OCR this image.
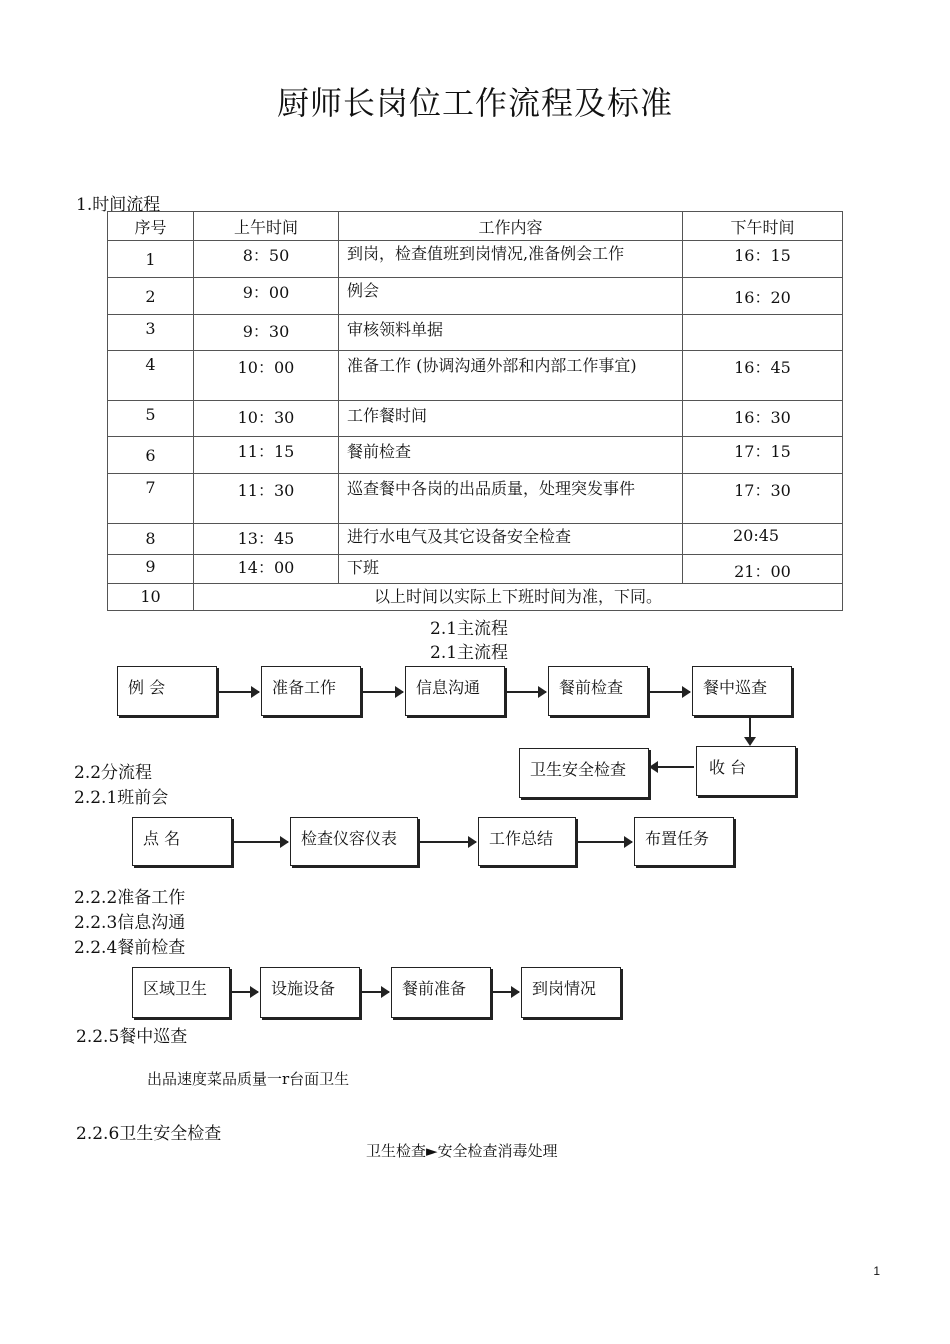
厨师长岗位工作流程及标准
1.时间流程
序号	上午时间	工作内容	下午时间
1	8：50	到岗，检查值班到岗情况,准备例会工作	16：15
2	9：00	例会	16：20
3	9：30	审核领料单据	
4	10：00	准备工作 (协调沟通外部和内部工作事宜)	16：45
5	10：30	工作餐时间	16：30
6	11：15	餐前检查	17：15
7	11：30	巡查餐中各岗的出品质量，处理突发事件	17：30
8	13：45	进行水电气及其它设备安全检查	20:45
9	14：00	下班	21：00
10	以上时间以实际上下班时间为准，下同。		
2.1主流程
2.1主流程
例 会	准备工作	信息沟通	餐前检查	餐中巡查
收 台
卫生安全检查
2.2分流程
2.2.1班前会
点 名	检查仪容仪表	工作总结	布置任务
2.2.2准备工作
2.2.3信息沟通
2.2.4餐前检查
区域卫生	设施设备	餐前准备	到岗情况
2.2.5餐中巡查
出品速度菜品质量一r台面卫生
2.2.6卫生安全检查
卫生检查►安全检查消毒处理
1
